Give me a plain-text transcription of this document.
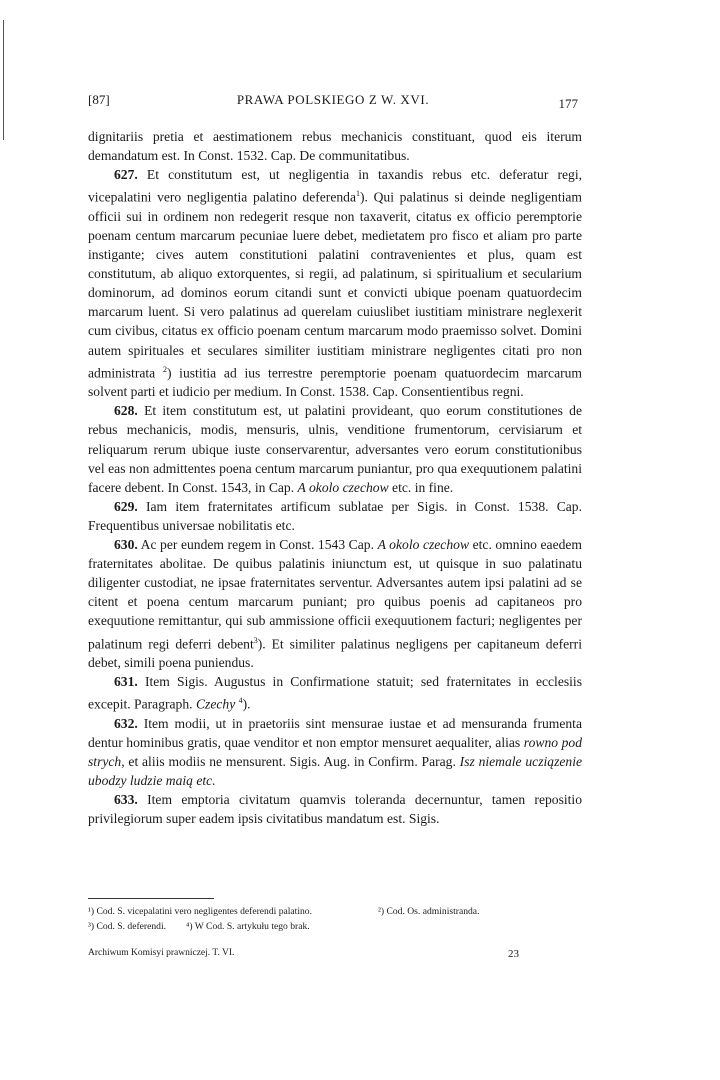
[87]	PRAWA POLSKIEGO Z W. XVI.	177

dignitariis pretia et aestimationem rebus mechanicis constituant, quod eis iterum demandatum est. In Const. 1532. Cap. De communitatibus.

627. Et constitutum est, ut negligentia in taxandis rebus etc. deferatur regi, vicepalatini vero negligentia palatino deferenda$^1$). Qui palatinus si deinde negligentiam officii sui in ordinem non redegerit resque non taxaverit, citatus ex officio peremptorie poenam centum marcarum pecuniae luere debet, medietatem pro fisco et aliam pro parte instigante; cives autem constitutioni palatini contravenientes et plus, quam est constitutum, ab aliquo extorquentes, si regii, ad palatinum, si spiritualium et secularium dominorum, ad dominos eorum citandi sunt et convicti ubique poenam quatuordecim marcarum luent. Si vero palatinus ad querelam cuiuslibet iustitiam ministrare neglexerit cum civibus, citatus ex officio poenam centum marcarum modo praemisso solvet. Domini autem spirituales et seculares similiter iustitiam ministrare negligentes citati pro non administrata $^2$) iustitia ad ius terrestre peremptorie poenam quatuordecim marcarum solvent parti et iudicio per medium. In Const. 1538. Cap. Consentientibus regni.

628. Et item constitutum est, ut palatini provideant, quo eorum constitutiones de rebus mechanicis, modis, mensuris, ulnis, venditione frumentorum, cervisiarum et reliquarum rerum ubique iuste conservarentur, adversantes vero eorum constitutionibus vel eas non admittentes poena centum marcarum puniantur, pro qua exequutionem palatini facere debent. In Const. 1543, in Cap. A okolo czechow etc. in fine.

629. Iam item fraternitates artificum sublatae per Sigis. in Const. 1538. Cap. Frequentibus universae nobilitatis etc.

630. Ac per eundem regem in Const. 1543 Cap. A okolo czechow etc. omnino eaedem fraternitates abolitae. De quibus palatinis iniunctum est, ut quisque in suo palatinatu diligenter custodiat, ne ipsae fraternitates serventur. Adversantes autem ipsi palatini ad se citent et poena centum marcarum puniant; pro quibus poenis ad capitaneos pro exequutione remittantur, qui sub ammissione officii exequutionem facturi; negligentes per palatinum regi deferri debent$^3$). Et similiter palatinus negligens per capitaneum deferri debet, simili poena puniendus.

631. Item Sigis. Augustus in Confirmatione statuit; sed fraternitates in ecclesiis excepit. Paragraph. Czechy $^4$).

632. Item modii, ut in praetoriis sint mensurae iustae et ad mensuranda frumenta dentur hominibus gratis, quae venditor et non emptor mensuret aequaliter, alias rowno pod strych, et aliis modiis ne mensurent. Sigis. Aug. in Confirm. Parag. Isz niemale ucziązenie ubodzy ludzie maią etc.

633. Item emptoria civitatum quamvis toleranda decernuntur, tamen repositio privilegiorum super eadem ipsis civitatibus mandatum est. Sigis.

¹) Cod. S. vicepalatini vero negligentes deferendi palatino.	²) Cod. Os. administranda.
³) Cod. S. deferendi. ⁴) W Cod. S. artykułu tego brak.
Archiwum Komisyi prawniczej. T. VI.	23
